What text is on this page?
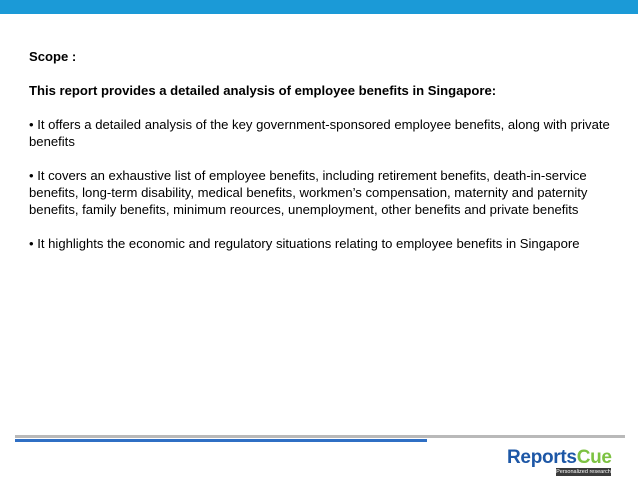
Scope :

This report provides a detailed analysis of employee benefits in Singapore:

• It offers a detailed analysis of the key government-sponsored employee benefits, along with private benefits

• It covers an exhaustive list of employee benefits, including retirement benefits, death-in-service benefits, long-term disability, medical benefits, workmen’s compensation, maternity and paternity benefits, family benefits, minimum reources, unemployment, other benefits and private benefits

• It highlights the economic and regulatory situations relating to employee benefits in Singapore

ReportsCue
Personalized research
